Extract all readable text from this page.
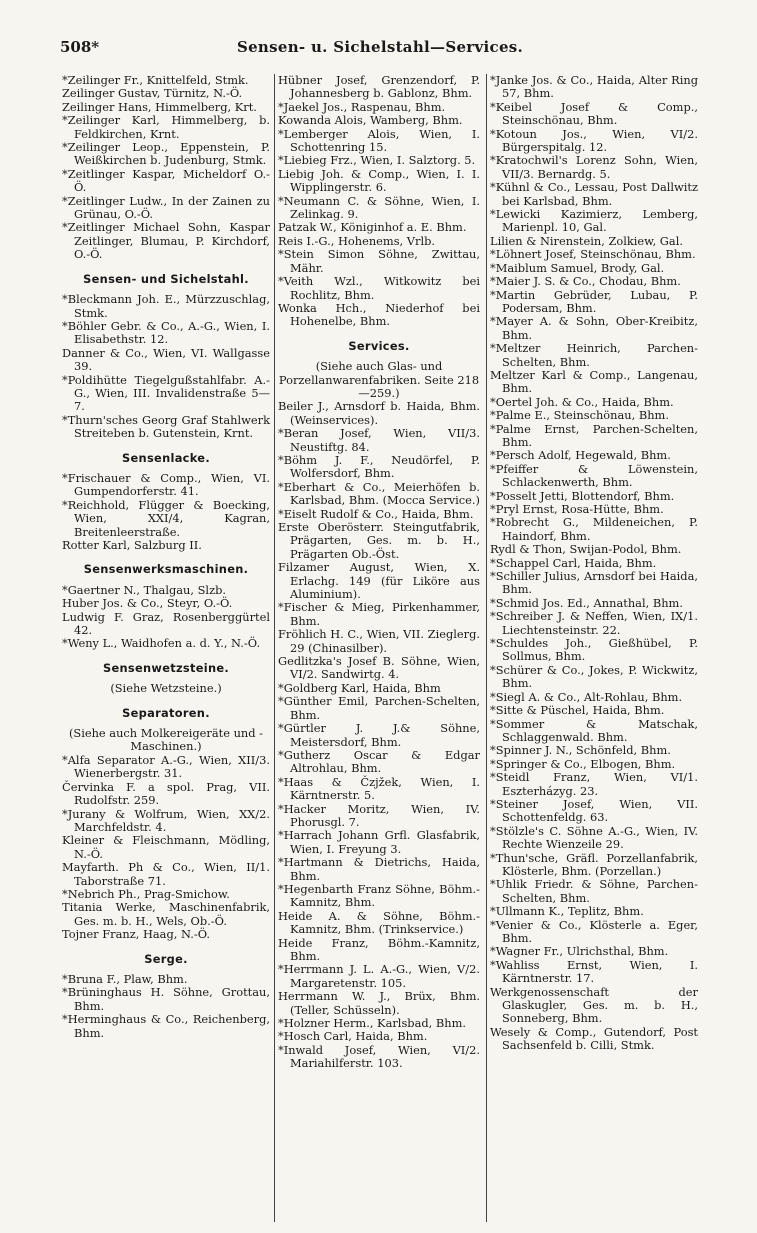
508*	Sensen- u. Sichelstahl—Services.

*Zeilinger Fr., Knittelfeld, Stmk.

Zeilinger Gustav, Türnitz, N.-Ö.

Zeilinger Hans, Himmelberg, Krt.

*Zeilinger Karl, Himmelberg, b. Feldkirchen, Krnt.

*Zeilinger Leop., Eppenstein, P. Weißkirchen b. Judenburg, Stmk.

*Zeitlinger Kaspar, Micheldorf O.-Ö.

*Zeitlinger Ludw., In der Zainen zu Grünau, O.-Ö.

*Zeitlinger Michael Sohn, Kaspar Zeitlinger, Blumau, P. Kirchdorf, O.-Ö.

Sensen- und Sichelstahl.

*Bleckmann Joh. E., Mürzzuschlag, Stmk.

*Böhler Gebr. & Co., A.-G., Wien, I. Elisabethstr. 12.

Danner & Co., Wien, VI. Wallgasse 39.

*Poldihütte Tiegelgußstahlfabr. A.-G., Wien, III. Invalidenstraße 5—7.

*Thurn'sches Georg Graf Stahlwerk Streiteben b. Gutenstein, Krnt.

Sensenlacke.

*Frischauer & Comp., Wien, VI. Gumpendorferstr. 41.

*Reichhold, Flügger & Boecking, Wien, XXI/4, Kagran, Breitenleerstraße.

Rotter Karl, Salzburg II.

Sensenwerksmaschinen.

*Gaertner N., Thalgau, Slzb.

Huber Jos. & Co., Steyr, O.-Ö.

Ludwig F. Graz, Rosenberggürtel 42.

*Weny L., Waidhofen a. d. Y., N.-Ö.

Sensenwetzsteine.

(Siehe Wetzsteine.)

Separatoren.

(Siehe auch Molkereigeräte und -Maschinen.)

*Alfa Separator A.-G., Wien, XII/3. Wienerbergstr. 31.

Červinka F. a spol. Prag, VII. Rudolfstr. 259.

*Jurany & Wolfrum, Wien, XX/2. Marchfeldstr. 4.

Kleiner & Fleischmann, Mödling, N.-Ö.

Mayfarth. Ph & Co., Wien, II/1. Taborstraße 71.

*Nebrich Ph., Prag-Smichow.

Titania Werke, Maschinenfabrik, Ges. m. b. H., Wels, Ob.-Ö.

Tojner Franz, Haag, N.-Ö.

Serge.

*Bruna F., Plaw, Bhm.

*Brüninghaus H. Söhne, Grottau, Bhm.

*Herminghaus & Co., Reichenberg, Bhm.

Hübner Josef, Grenzendorf, P. Johannesberg b. Gablonz, Bhm.

*Jaekel Jos., Raspenau, Bhm.

Kowanda Alois, Wamberg, Bhm.

*Lemberger Alois, Wien, I. Schottenring 15.

*Liebieg Frz., Wien, I. Salztorg. 5.

Liebig Joh. & Comp., Wien, I. I. Wipplingerstr. 6.

*Neumann C. & Söhne, Wien, I. Zelinkag. 9.

Patzak W., Königinhof a. E. Bhm.

Reis I.-G., Hohenems, Vrlb.

*Stein Simon Söhne, Zwittau, Mähr.

*Veith Wzl., Witkowitz bei Rochlitz, Bhm.

Wonka Hch., Niederhof bei Hohenelbe, Bhm.

Services.

(Siehe auch Glas- und Porzellanwarenfabriken. Seite 218—259.)

Beiler J., Arnsdorf b. Haida, Bhm. (Weinservices).

*Beran Josef, Wien, VII/3. Neustiftg. 84.

*Böhm J. F., Neudörfel, P. Wolfersdorf, Bhm.

*Eberhart & Co., Meierhöfen b. Karlsbad, Bhm. (Mocca Service.)

*Eiselt Rudolf & Co., Haida, Bhm.

Erste Oberösterr. Steingutfabrik, Prägarten, Ges. m. b. H., Prägarten Ob.-Öst.

Filzamer August, Wien, X. Erlachg. 149 (für Liköre aus Aluminium).

*Fischer & Mieg, Pirkenhammer, Bhm.

Fröhlich H. C., Wien, VII. Zieglerg. 29 (Chinasilber).

Gedlitzka's Josef B. Söhne, Wien, VI/2. Sandwirtg. 4.

*Goldberg Karl, Haida, Bhm

*Günther Emil, Parchen-Schelten, Bhm.

*Gürtler J. J.& Söhne, Meistersdorf, Bhm.

*Gutherz Oscar & Edgar Altrohlau, Bhm.

*Haas & Čzjžek, Wien, I. Kärntnerstr. 5.

*Hacker Moritz, Wien, IV. Phorusgl. 7.

*Harrach Johann Grfl. Glasfabrik, Wien, I. Freyung 3.

*Hartmann & Dietrichs, Haida, Bhm.

*Hegenbarth Franz Söhne, Böhm.-Kamnitz, Bhm.

Heide A. & Söhne, Böhm.-Kamnitz, Bhm. (Trinkservice.)

Heide Franz, Böhm.-Kamnitz, Bhm.

*Herrmann J. L. A.-G., Wien, V/2. Margaretenstr. 105.

Herrmann W. J., Brüx, Bhm. (Teller, Schüsseln).

*Holzner Herm., Karlsbad, Bhm.

*Hosch Carl, Haida, Bhm.

*Inwald Josef, Wien, VI/2. Mariahilferstr. 103.

*Janke Jos. & Co., Haida, Alter Ring 57, Bhm.

*Keibel Josef & Comp., Steinschönau, Bhm.

*Kotoun Jos., Wien, VI/2. Bürgerspitalg. 12.

*Kratochwil's Lorenz Sohn, Wien, VII/3. Bernardg. 5.

*Kühnl & Co., Lessau, Post Dallwitz bei Karlsbad, Bhm.

*Lewicki Kazimierz, Lemberg, Marienpl. 10, Gal.

Lilien & Nirenstein, Zolkiew, Gal.

*Löhnert Josef, Steinschönau, Bhm.

*Maiblum Samuel, Brody, Gal.

*Maier J. S. & Co., Chodau, Bhm.

*Martin Gebrüder, Lubau, P. Podersam, Bhm.

*Mayer A. & Sohn, Ober-Kreibitz, Bhm.

*Meltzer Heinrich, Parchen-Schelten, Bhm.

Meltzer Karl & Comp., Langenau, Bhm.

*Oertel Joh. & Co., Haida, Bhm.

*Palme E., Steinschönau, Bhm.

*Palme Ernst, Parchen-Schelten, Bhm.

*Persch Adolf, Hegewald, Bhm.

*Pfeiffer & Löwenstein, Schlackenwerth, Bhm.

*Posselt Jetti, Blottendorf, Bhm.

*Pryl Ernst, Rosa-Hütte, Bhm.

*Robrecht G., Mildeneichen, P. Haindorf, Bhm.

Rydl & Thon, Swijan-Podol, Bhm.

*Schappel Carl, Haida, Bhm.

*Schiller Julius, Arnsdorf bei Haida, Bhm.

*Schmid Jos. Ed., Annathal, Bhm.

*Schreiber J. & Neffen, Wien, IX/1. Liechtensteinstr. 22.

*Schuldes Joh., Gießhübel, P. Sollmus, Bhm.

*Schürer & Co., Jokes, P. Wickwitz, Bhm.

*Siegl A. & Co., Alt-Rohlau, Bhm.

*Sitte & Püschel, Haida, Bhm.

*Sommer & Matschak, Schlaggenwald. Bhm.

*Spinner J. N., Schönfeld, Bhm.

*Springer & Co., Elbogen, Bhm.

*Steidl Franz, Wien, VI/1. Eszterházyg. 23.

*Steiner Josef, Wien, VII. Schottenfeldg. 63.

*Stölzle's C. Söhne A.-G., Wien, IV. Rechte Wienzeile 29.

*Thun'sche, Gräfl. Porzellanfabrik, Klösterle, Bhm. (Porzellan.)

*Uhlik Friedr. & Söhne, Parchen-Schelten, Bhm.

*Ullmann K., Teplitz, Bhm.

*Venier & Co., Klösterle a. Eger, Bhm.

*Wagner Fr., Ulrichsthal, Bhm.

*Wahliss Ernst, Wien, I. Kärntnerstr. 17.

Werkgenossenschaft der Glaskugler, Ges. m. b. H., Sonneberg, Bhm.

Wesely & Comp., Gutendorf, Post Sachsenfeld b. Cilli, Stmk.
